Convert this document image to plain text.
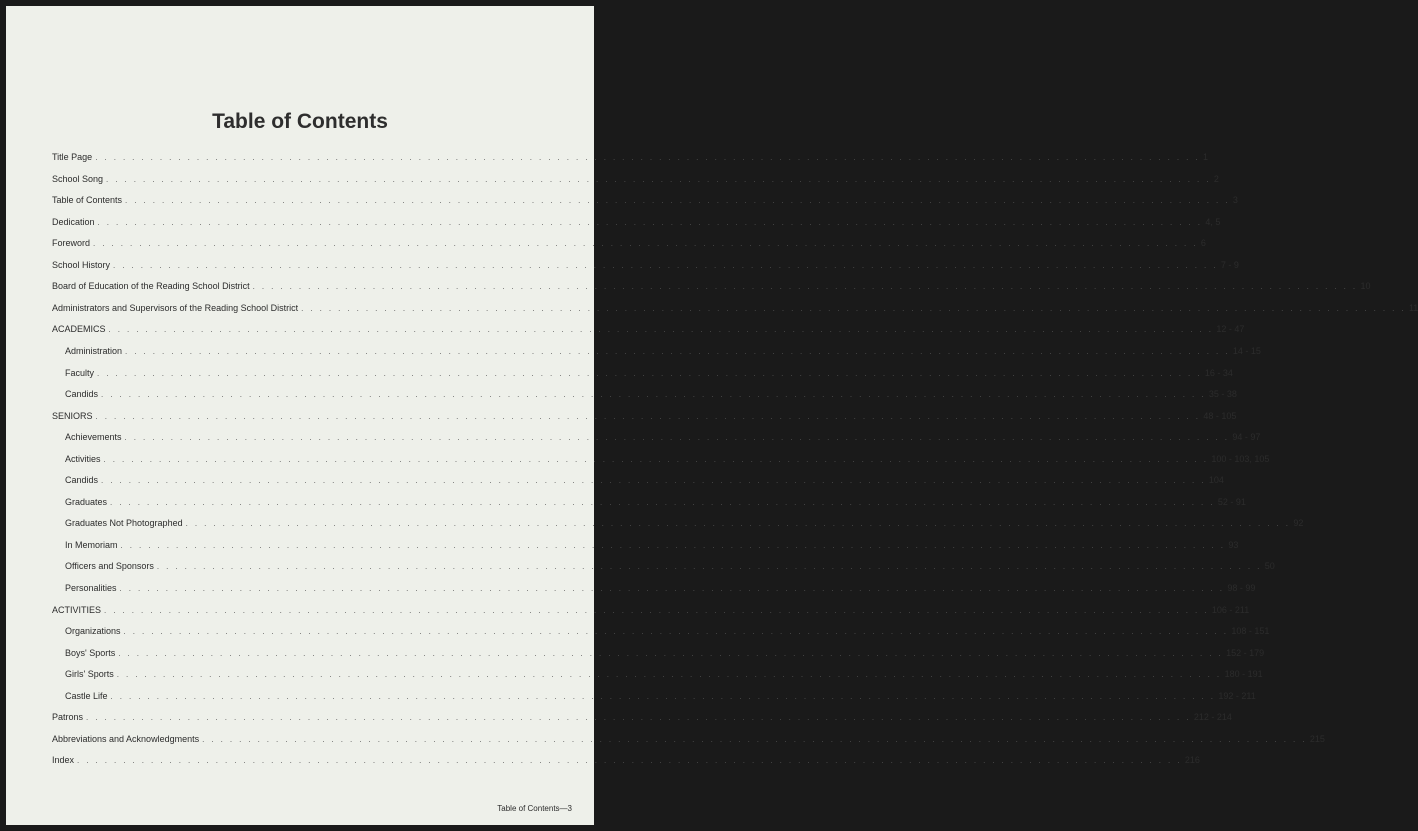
Table of Contents
Title Page . . . . . . . . . . . . . . . . . . . . . . . . . . . . . . . . . . . . . . . . . . . . . . . . . . . . . . . . . . . . . . . . . . . . . . . . . . . . . . . . . . . . . . . . . . . . . . . . . . . . . . . . . . . . . . . . . . . . . . . . 1
School Song . . . . . . . . . . . . . . . . . . . . . . . . . . . . . . . . . . . . . . . . . . . . . . . . . . . . . . . . . . . . . . . . . . . . . . . . . . . . . . . . . . . . . . . . . . . . . . . . . . . . . . . . . . . . . . . . . . . . . . . . 2
Table of Contents . . . . . . . . . . . . . . . . . . . . . . . . . . . . . . . . . . . . . . . . . . . . . . . . . . . . . . . . . . . . . . . . . . . . . . . . . . . . . . . . . . . . . . . . . . . . . . . . . . . . . . . . . . . . . . . . . . . . . . . . 3
Dedication . . . . . . . . . . . . . . . . . . . . . . . . . . . . . . . . . . . . . . . . . . . . . . . . . . . . . . . . . . . . . . . . . . . . . . . . . . . . . . . . . . . . . . . . . . . . . . . . . . . . . . . . . . . . . . . . . . . . . . . . 4, 5
Foreword . . . . . . . . . . . . . . . . . . . . . . . . . . . . . . . . . . . . . . . . . . . . . . . . . . . . . . . . . . . . . . . . . . . . . . . . . . . . . . . . . . . . . . . . . . . . . . . . . . . . . . . . . . . . . . . . . . . . . . . . 6
School History . . . . . . . . . . . . . . . . . . . . . . . . . . . . . . . . . . . . . . . . . . . . . . . . . . . . . . . . . . . . . . . . . . . . . . . . . . . . . . . . . . . . . . . . . . . . . . . . . . . . . . . . . . . . . . . . . . . . . . . . 7 - 9
Board of Education of the Reading School District . . . . . . . . . . . . . . . . . . . . . . . . . . . . . . . . . . . . . . . . . . . . . . . . . . . . . . . . . . . . . . . . . . . . . . . . . . . . . . . . . . . . . . . . . . . . . . . . . . . . . . . . . . . . . . . . . . . . . . . . 10
Administrators and Supervisors of the Reading School District . . . . . . . . . . . . . . . . . . . . . . . . . . . . . . . . . . . . . . . . . . . . . . . . . . . . . . . . . . . . . . . . . . . . . . . . . . . . . . . . . . . . . . . . . . . . . . . . . . . . . . . . . . . . . . . . . . . . . . . . 11
ACADEMICS . . . . . . . . . . . . . . . . . . . . . . . . . . . . . . . . . . . . . . . . . . . . . . . . . . . . . . . . . . . . . . . . . . . . . . . . . . . . . . . . . . . . . . . . . . . . . . . . . . . . . . . . . . . . . . . . . . . . . . . . 12 - 47
Administration . . . . . . . . . . . . . . . . . . . . . . . . . . . . . . . . . . . . . . . . . . . . . . . . . . . . . . . . . . . . . . . . . . . . . . . . . . . . . . . . . . . . . . . . . . . . . . . . . . . . . . . . . . . . . . . . . . . . . . . . 14 - 15
Faculty . . . . . . . . . . . . . . . . . . . . . . . . . . . . . . . . . . . . . . . . . . . . . . . . . . . . . . . . . . . . . . . . . . . . . . . . . . . . . . . . . . . . . . . . . . . . . . . . . . . . . . . . . . . . . . . . . . . . . . . . 16 - 34
Candids . . . . . . . . . . . . . . . . . . . . . . . . . . . . . . . . . . . . . . . . . . . . . . . . . . . . . . . . . . . . . . . . . . . . . . . . . . . . . . . . . . . . . . . . . . . . . . . . . . . . . . . . . . . . . . . . . . . . . . . . 35 - 38
SENIORS . . . . . . . . . . . . . . . . . . . . . . . . . . . . . . . . . . . . . . . . . . . . . . . . . . . . . . . . . . . . . . . . . . . . . . . . . . . . . . . . . . . . . . . . . . . . . . . . . . . . . . . . . . . . . . . . . . . . . . . . 48 - 105
Achievements . . . . . . . . . . . . . . . . . . . . . . . . . . . . . . . . . . . . . . . . . . . . . . . . . . . . . . . . . . . . . . . . . . . . . . . . . . . . . . . . . . . . . . . . . . . . . . . . . . . . . . . . . . . . . . . . . . . . . . . . 94 - 97
Activities . . . . . . . . . . . . . . . . . . . . . . . . . . . . . . . . . . . . . . . . . . . . . . . . . . . . . . . . . . . . . . . . . . . . . . . . . . . . . . . . . . . . . . . . . . . . . . . . . . . . . . . . . . . . . . . . . . . . . . . . 100 - 103, 105
Candids . . . . . . . . . . . . . . . . . . . . . . . . . . . . . . . . . . . . . . . . . . . . . . . . . . . . . . . . . . . . . . . . . . . . . . . . . . . . . . . . . . . . . . . . . . . . . . . . . . . . . . . . . . . . . . . . . . . . . . . . 104
Graduates . . . . . . . . . . . . . . . . . . . . . . . . . . . . . . . . . . . . . . . . . . . . . . . . . . . . . . . . . . . . . . . . . . . . . . . . . . . . . . . . . . . . . . . . . . . . . . . . . . . . . . . . . . . . . . . . . . . . . . . . 52 - 91
Graduates Not Photographed . . . . . . . . . . . . . . . . . . . . . . . . . . . . . . . . . . . . . . . . . . . . . . . . . . . . . . . . . . . . . . . . . . . . . . . . . . . . . . . . . . . . . . . . . . . . . . . . . . . . . . . . . . . . . . . . . . . . . . . . 92
In Memoriam . . . . . . . . . . . . . . . . . . . . . . . . . . . . . . . . . . . . . . . . . . . . . . . . . . . . . . . . . . . . . . . . . . . . . . . . . . . . . . . . . . . . . . . . . . . . . . . . . . . . . . . . . . . . . . . . . . . . . . . . 93
Officers and Sponsors . . . . . . . . . . . . . . . . . . . . . . . . . . . . . . . . . . . . . . . . . . . . . . . . . . . . . . . . . . . . . . . . . . . . . . . . . . . . . . . . . . . . . . . . . . . . . . . . . . . . . . . . . . . . . . . . . . . . . . . . 50
Personalities . . . . . . . . . . . . . . . . . . . . . . . . . . . . . . . . . . . . . . . . . . . . . . . . . . . . . . . . . . . . . . . . . . . . . . . . . . . . . . . . . . . . . . . . . . . . . . . . . . . . . . . . . . . . . . . . . . . . . . . . 98 - 99
ACTIVITIES . . . . . . . . . . . . . . . . . . . . . . . . . . . . . . . . . . . . . . . . . . . . . . . . . . . . . . . . . . . . . . . . . . . . . . . . . . . . . . . . . . . . . . . . . . . . . . . . . . . . . . . . . . . . . . . . . . . . . . . . 106 - 211
Organizations . . . . . . . . . . . . . . . . . . . . . . . . . . . . . . . . . . . . . . . . . . . . . . . . . . . . . . . . . . . . . . . . . . . . . . . . . . . . . . . . . . . . . . . . . . . . . . . . . . . . . . . . . . . . . . . . . . . . . . . . 108 - 151
Boys' Sports . . . . . . . . . . . . . . . . . . . . . . . . . . . . . . . . . . . . . . . . . . . . . . . . . . . . . . . . . . . . . . . . . . . . . . . . . . . . . . . . . . . . . . . . . . . . . . . . . . . . . . . . . . . . . . . . . . . . . . . . 152 - 179
Girls' Sports . . . . . . . . . . . . . . . . . . . . . . . . . . . . . . . . . . . . . . . . . . . . . . . . . . . . . . . . . . . . . . . . . . . . . . . . . . . . . . . . . . . . . . . . . . . . . . . . . . . . . . . . . . . . . . . . . . . . . . . . 180 - 191
Castle Life . . . . . . . . . . . . . . . . . . . . . . . . . . . . . . . . . . . . . . . . . . . . . . . . . . . . . . . . . . . . . . . . . . . . . . . . . . . . . . . . . . . . . . . . . . . . . . . . . . . . . . . . . . . . . . . . . . . . . . . . 192 - 211
Patrons . . . . . . . . . . . . . . . . . . . . . . . . . . . . . . . . . . . . . . . . . . . . . . . . . . . . . . . . . . . . . . . . . . . . . . . . . . . . . . . . . . . . . . . . . . . . . . . . . . . . . . . . . . . . . . . . . . . . . . . . 212 - 214
Abbreviations and Acknowledgments . . . . . . . . . . . . . . . . . . . . . . . . . . . . . . . . . . . . . . . . . . . . . . . . . . . . . . . . . . . . . . . . . . . . . . . . . . . . . . . . . . . . . . . . . . . . . . . . . . . . . . . . . . . . . . . . . . . . . . . . 215
Index . . . . . . . . . . . . . . . . . . . . . . . . . . . . . . . . . . . . . . . . . . . . . . . . . . . . . . . . . . . . . . . . . . . . . . . . . . . . . . . . . . . . . . . . . . . . . . . . . . . . . . . . . . . . . . . . . . . . . . . . 216
Table of Contents—3
